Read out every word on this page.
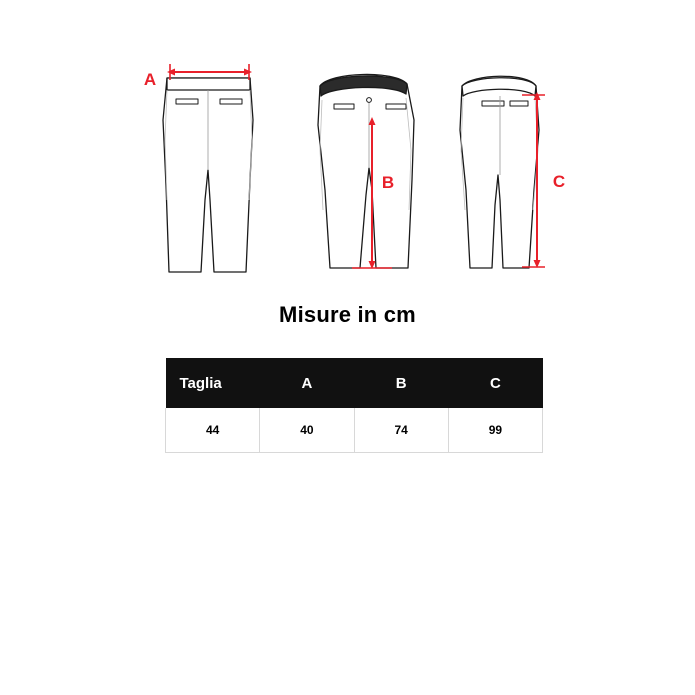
A
B	C
Misure in cm
Taglia	A	B	C
44	40	74	99
